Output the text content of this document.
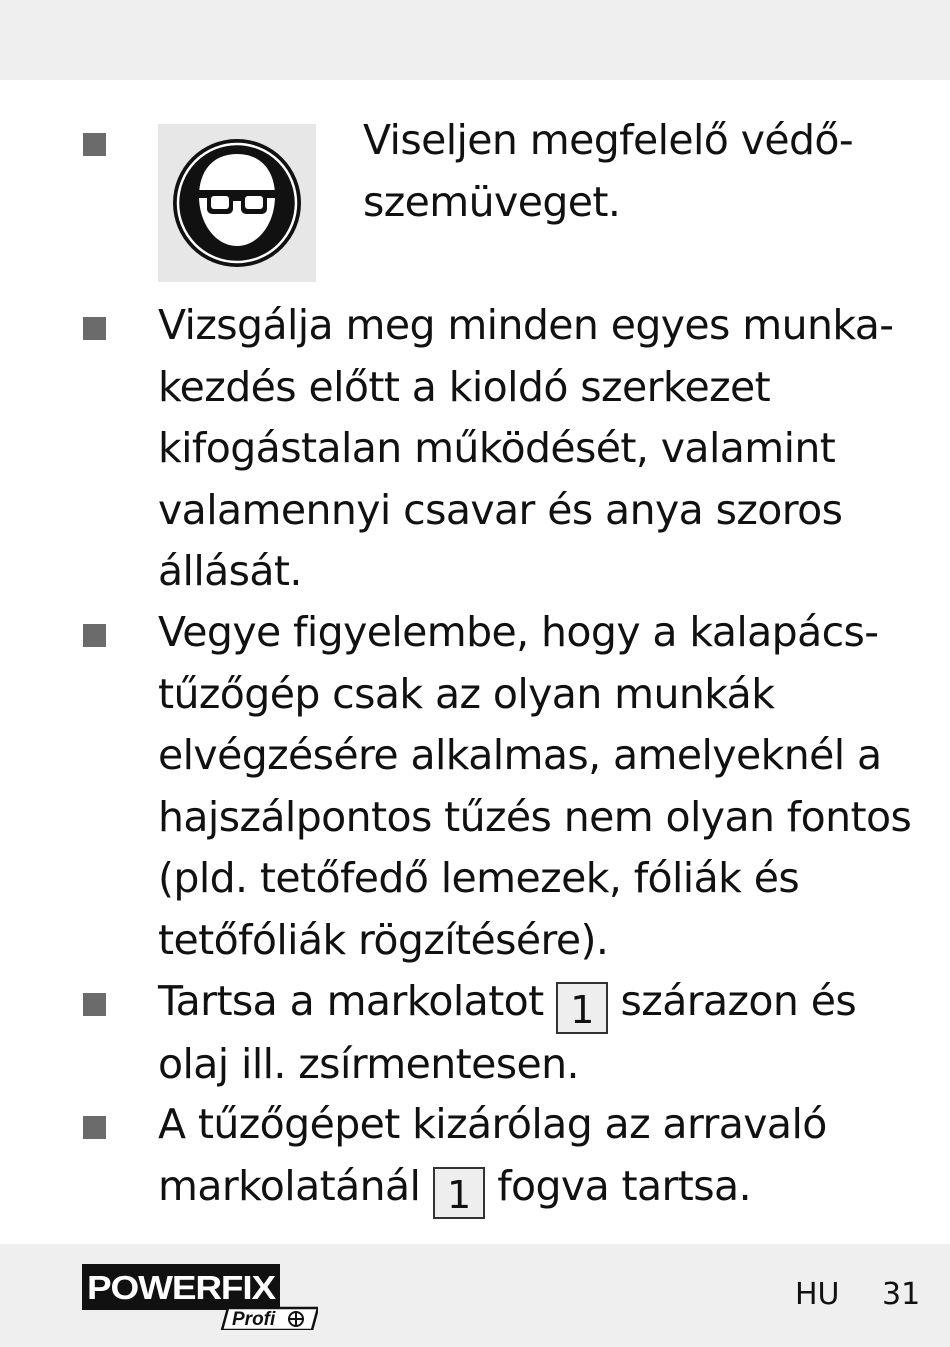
Viseljen megfelelő védő-
szemüveget.

Vizsgálja meg minden egyes munka-
kezdés előtt a kioldó szerkezet
kifogástalan működését, valamint
valamennyi csavar és anya szoros
állását.

Vegye figyelembe, hogy a kalapács-
tűzőgép csak az olyan munkák
elvégzésére alkalmas, amelyeknél a
hajszálpontos tűzés nem olyan fontos
(pld. tetőfedő lemezek, fóliák és
tetőfóliák rögzítésére).

Tartsa a markolatot 1 szárazon és
olaj ill. zsírmentesen.

A tűzőgépet kizárólag az arravaló
markolatánál 1 fogva tartsa.

POWERFIX
Profi
HU 31
